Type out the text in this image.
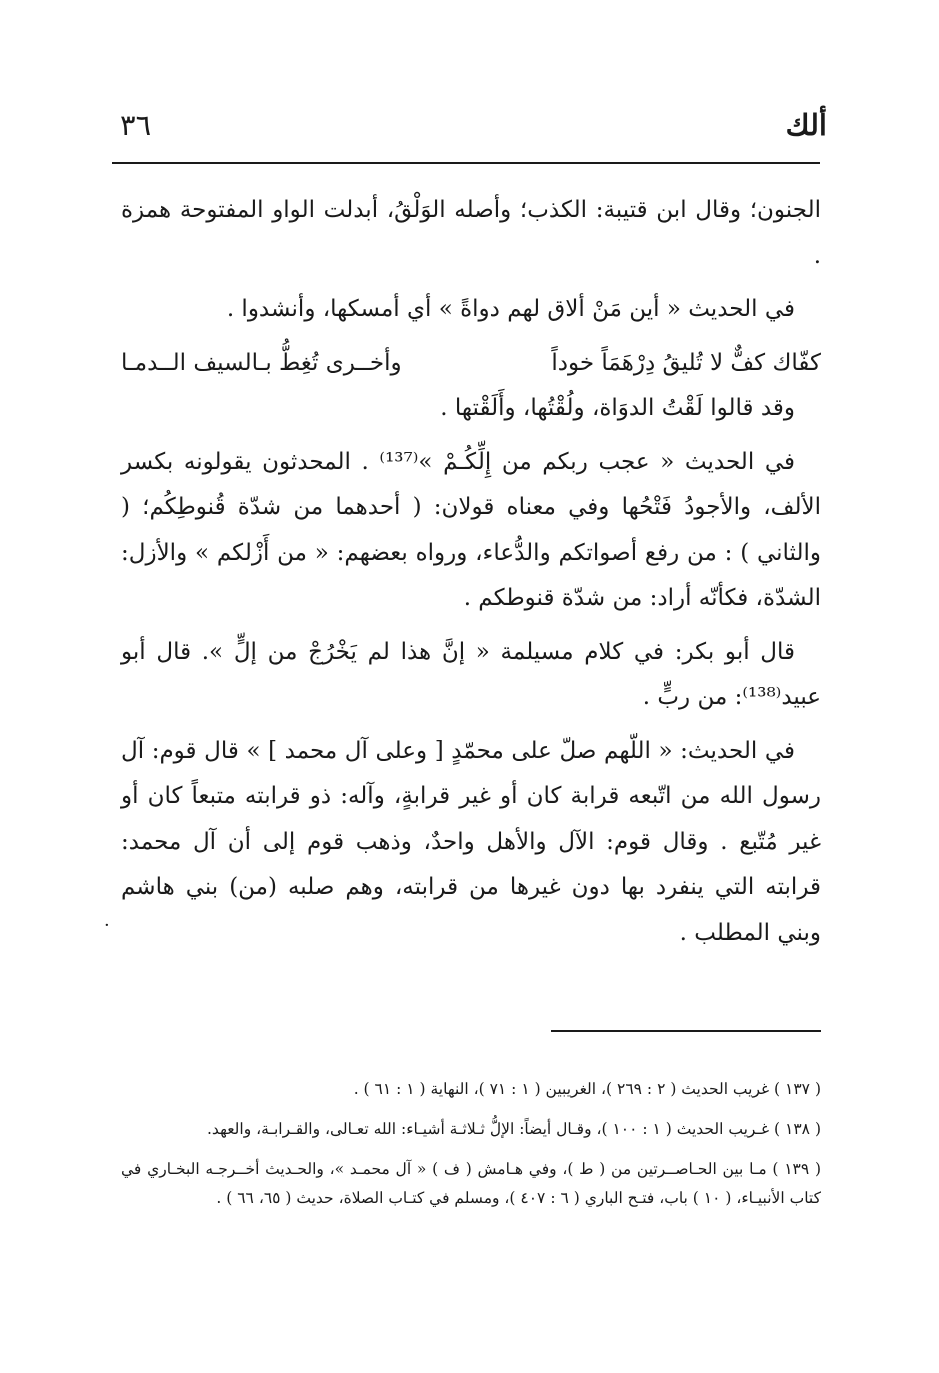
ألك
٣٦

الجنون؛ وقال ابن قتيبة: الكذب؛ وأصله الوَلْقُ، أبدلت الواو المفتوحة همزة .

في الحديث « أين مَنْ ألاق لهم دواةً » أي أمسكها، وأنشدوا .

كفّاك كفٌّ لا تُليقُ دِرْهَمَاً خوداً
وأخــرى تُغِطُّ بـالسيف الــدمـا

وقد قالوا لَقْتُ الدوَاة، ولُقْتُها، وأَلَقْتها .

في الحديث « عجب ربكم من إِلِّكُـمْ »⁽¹³⁷⁾ . المحدثون يقولونه بكسر الألف، والأجودُ فَتْحُها وفي معناه قولان: ( أحدهما من شدّة قُنوطِكُم؛ ( والثاني ) : من رفع أصواتكم والدُّعاء، ورواه بعضهم: « من أَزْلكم » والأزل: الشدّة، فكأنّه أراد: من شدّة قنوطكم .

قال أبو بكر: في كلام مسيلمة « إنَّ هذا لم يَخْرُجْ من إلٍّ ». قال أبو عبيد⁽¹³⁸⁾: من ربٍّ .

في الحديث: « اللّهم صلّ على محمّدٍ [ وعلى آل محمد ] » قال قوم: آل رسول الله من اتّبعه قرابة كان أو غير قرابةٍ، وآله: ذو قرابته متبعاً كان أو غير مُتّبع . وقال قوم: الآل والأهل واحدٌ، وذهب قوم إلى أن آل محمد: قرابته التي ينفرد بها دون غيرها من قرابته، وهم صلبه (من) بني هاشم وبني المطلب .

·

( ١٣٧ ) غريب الحديث ( ٢ : ٢٦٩ )، الغريبين ( ١ : ٧١ )، النهاية ( ١ : ٦١ ) .

( ١٣٨ ) غـريب الحديث ( ١ : ١٠٠ )، وقـال أيضاً: الإلُّ ثـلاثـة أشيـاء: الله تعـالى، والقـرابـة، والعهد.

( ١٣٩ ) مـا بين الحـاصــرتين من ( ط )، وفي هـامش ( ف ) « آل محمـد »، والحـديث أخــرجـه البخـاري في كتاب الأنبيـاء، ( ١٠ ) باب، فتـح الباري ( ٦ : ٤٠٧ )، ومسلم في كتـاب الصلاة، حديث ( ٦٥، ٦٦ ) .
